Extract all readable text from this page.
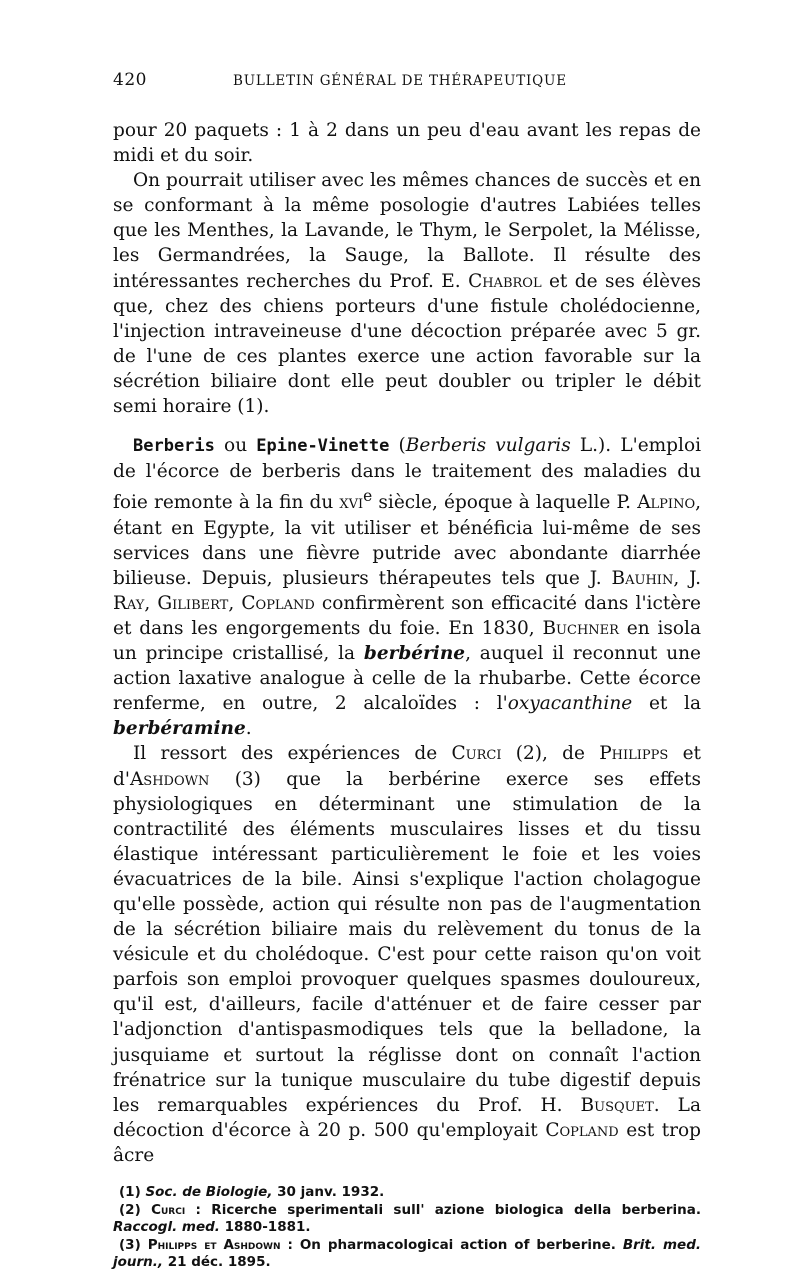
420	BULLETIN GÉNÉRAL DE THÉRAPEUTIQUE

pour 20 paquets : 1 à 2 dans un peu d'eau avant les repas de midi et du soir.

On pourrait utiliser avec les mêmes chances de succès et en se conformant à la même posologie d'autres Labiées telles que les Menthes, la Lavande, le Thym, le Serpolet, la Mélisse, les Germandrées, la Sauge, la Ballote. Il résulte des intéressantes recherches du Prof. E. Chabrol et de ses élèves que, chez des chiens porteurs d'une fistule cholédocienne, l'injection intraveineuse d'une décoction préparée avec 5 gr. de l'une de ces plantes exerce une action favorable sur la sécrétion biliaire dont elle peut doubler ou tripler le débit semi horaire (1).

Berberis ou Epine-Vinette (Berberis vulgaris L.). L'emploi de l'écorce de berberis dans le traitement des maladies du foie remonte à la fin du xvi$^e$ siècle, époque à laquelle P. Alpino, étant en Egypte, la vit utiliser et bénéficia lui-même de ses services dans une fièvre putride avec abondante diarrhée bilieuse. Depuis, plusieurs thérapeutes tels que J. Bauhin, J. Ray, Gilibert, Copland confirmèrent son efficacité dans l'ictère et dans les engorgements du foie. En 1830, Buchner en isola un principe cristallisé, la berbérine, auquel il reconnut une action laxative analogue à celle de la rhubarbe. Cette écorce renferme, en outre, 2 alcaloïdes : l'oxyacanthine et la berbéramine.

Il ressort des expériences de Curci (2), de Philipps et d'Ashdown (3) que la berbérine exerce ses effets physiologiques en déterminant une stimulation de la contractilité des éléments musculaires lisses et du tissu élastique intéressant particulièrement le foie et les voies évacuatrices de la bile. Ainsi s'explique l'action cholagogue qu'elle possède, action qui résulte non pas de l'augmentation de la sécrétion biliaire mais du relèvement du tonus de la vésicule et du cholédoque. C'est pour cette raison qu'on voit parfois son emploi provoquer quelques spasmes douloureux, qu'il est, d'ailleurs, facile d'atténuer et de faire cesser par l'adjonction d'antispasmodiques tels que la belladone, la jusquiame et surtout la réglisse dont on connaît l'action frénatrice sur la tunique musculaire du tube digestif depuis les remarquables expériences du Prof. H. Busquet. La décoction d'écorce à 20 p. 500 qu'employait Copland est trop âcre

(1) Soc. de Biologie, 30 janv. 1932.

(2) Curci : Ricerche sperimentali sull' azione biologica della berberina. Raccogl. med. 1880-1881.

(3) Philipps et Ashdown : On pharmacologicai action of berberine. Brit. med. journ., 21 déc. 1895.
